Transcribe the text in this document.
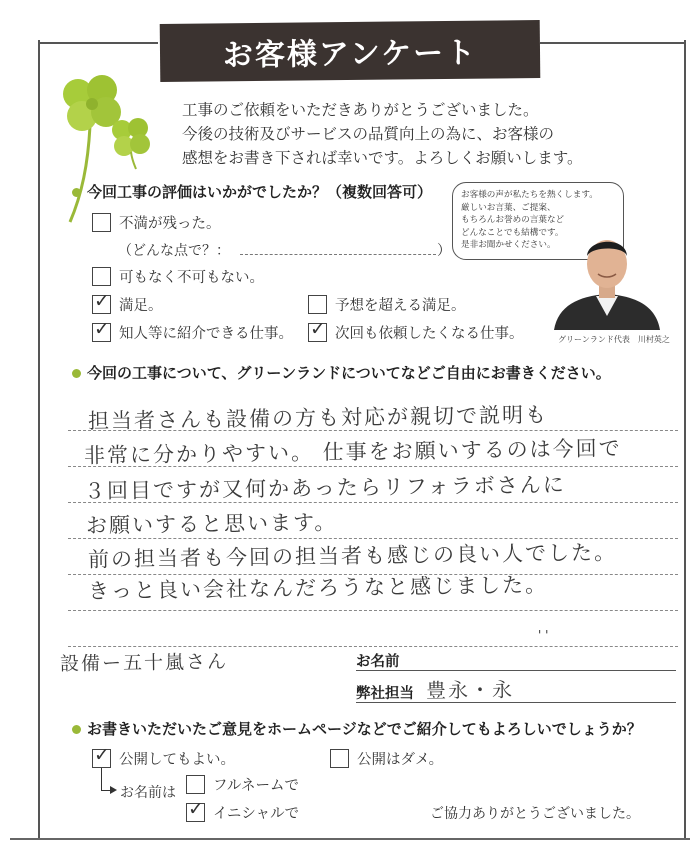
お客様アンケート
工事のご依頼をいただきありがとうございました。
今後の技術及びサービスの品質向上の為に、お客様の
感想をお書き下されば幸いです。よろしくお願いします。
今回工事の評価はいかがでしたか？（複数回答可）
不満が残った。
（どんな点で？：	）
可もなく不可もない。
✓ 満足。	予想を超える満足。
✓ 知人等に紹介できる仕事。 ✓ 次回も依頼したくなる仕事。
お客様の声が私たちを熱くします。
厳しいお言葉、ご提案、
もちろんお誉めの言葉など
どんなことでも結構です。
是非お聞かせください。
グリーンランド代表　川村英之
今回の工事について、グリーンランドについてなどご自由にお書きください。
担当者さんも設備の方も対応が親切で説明も
非常に分かりやすい。 仕事をお願いするのは今回で
３回目ですが又何かあったらリフォラボさんに
お願いすると思います。
前の担当者も今回の担当者も感じの良い人でした。
きっと良い会社なんだろうなと感じました。
設備ー五十嵐さん
' '
お名前
弊社担当 豊永・永
お書きいただいたご意見をホームページなどでご紹介してもよろしいでしょうか？
✓ 公開してもよい。	公開はダメ。
お名前は	フルネームで
✓ イニシャルで	ご協力ありがとうございました。
